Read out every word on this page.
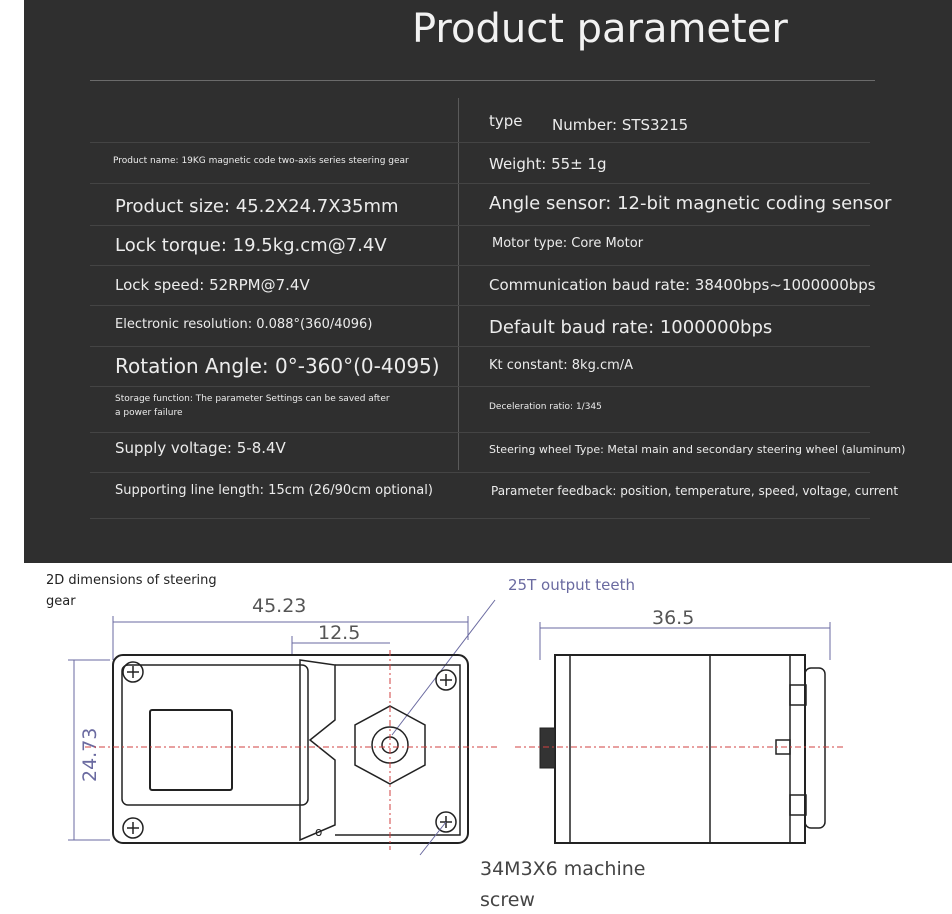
Product parameter
Product name: 19KG magnetic code two-axis series steering gear
Product size: 45.2X24.7X35mm
Lock torque: 19.5kg.cm@7.4V
Lock speed: 52RPM@7.4V
Electronic resolution: 0.088°(360/4096)
Rotation Angle: 0°-360°(0-4095)
Storage function: The parameter Settings can be saved after a power failure
Supply voltage: 5-8.4V
Supporting line length: 15cm (26/90cm optional)
type Number: STS3215
Weight: 55± 1g
Angle sensor: 12-bit magnetic coding sensor
Motor type: Core Motor
Communication baud rate: 38400bps~1000000bps
Default baud rate: 1000000bps
Kt constant: 8kg.cm/A
Deceleration ratio: 1/345
Steering wheel Type: Metal main and secondary steering wheel (aluminum)
Parameter feedback: position, temperature, speed, voltage, current
2D dimensions of steering
gear
25T output teeth
45.23
12.5
24.73
o
34M3X6 machine
screw
36.5
